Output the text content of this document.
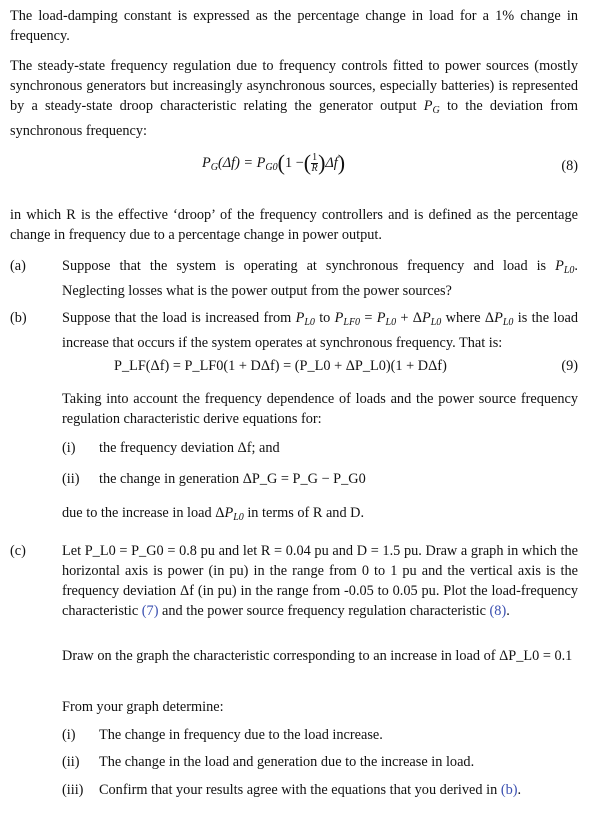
The load-damping constant is expressed as the percentage change in load for a 1% change in frequency.
The steady-state frequency regulation due to frequency controls fitted to power sources (mostly synchronous generators but increasingly asynchronous sources, especially batteries) is represented by a steady-state droop characteristic relating the generator output $P_G$ to the deviation from synchronous frequency:
$P_G(\Delta f) = P_{G0}(1$ −( $\frac{1}{R} )\Delta f$)	(8)
in which R is the effective ‘droop’ of the frequency controllers and is defined as the percentage change in frequency due to a percentage change in power output.
(a)	Suppose that the system is operating at synchronous frequency and load is $P_{L0}$. Neglecting losses what is the power output from the power sources?
(b) Suppose that the load is increased from $P_{L0}$ to $P_{LF0} = P_{L0} + \Delta P_{L0}$ where $\Delta P_{L0}$ is the load increase that occurs if the system operates at synchronous frequency. That is:
P_LF(Δf) = P_LF0(1 + DΔf) = (P_L0 + ΔP_L0)(1 + DΔf)	(9)
Taking into account the frequency dependence of loads and the power source frequency regulation characteristic derive equations for:
(i) the frequency deviation Δf; and
(ii) the change in generation ΔP_G = P_G − P_G0
due to the increase in load $\Delta P_{L0}$ in terms of R and D.
(c)	Let P_L0 = P_G0 = 0.8 pu and let R = 0.04 pu and D = 1.5 pu. Draw a graph in which the horizontal axis is power (in pu) in the range from 0 to 1 pu and the vertical axis is the frequency deviation Δf (in pu) in the range from -0.05 to 0.05 pu. Plot the load-frequency characteristic (7) and the power source frequency regulation characteristic (8).
Draw on the graph the characteristic corresponding to an increase in load of ΔP_L0 = 0.1
From your graph determine:
(i) The change in frequency due to the load increase.
(ii) The change in the load and generation due to the increase in load.
(iii) Confirm that your results agree with the equations that you derived in (b).
